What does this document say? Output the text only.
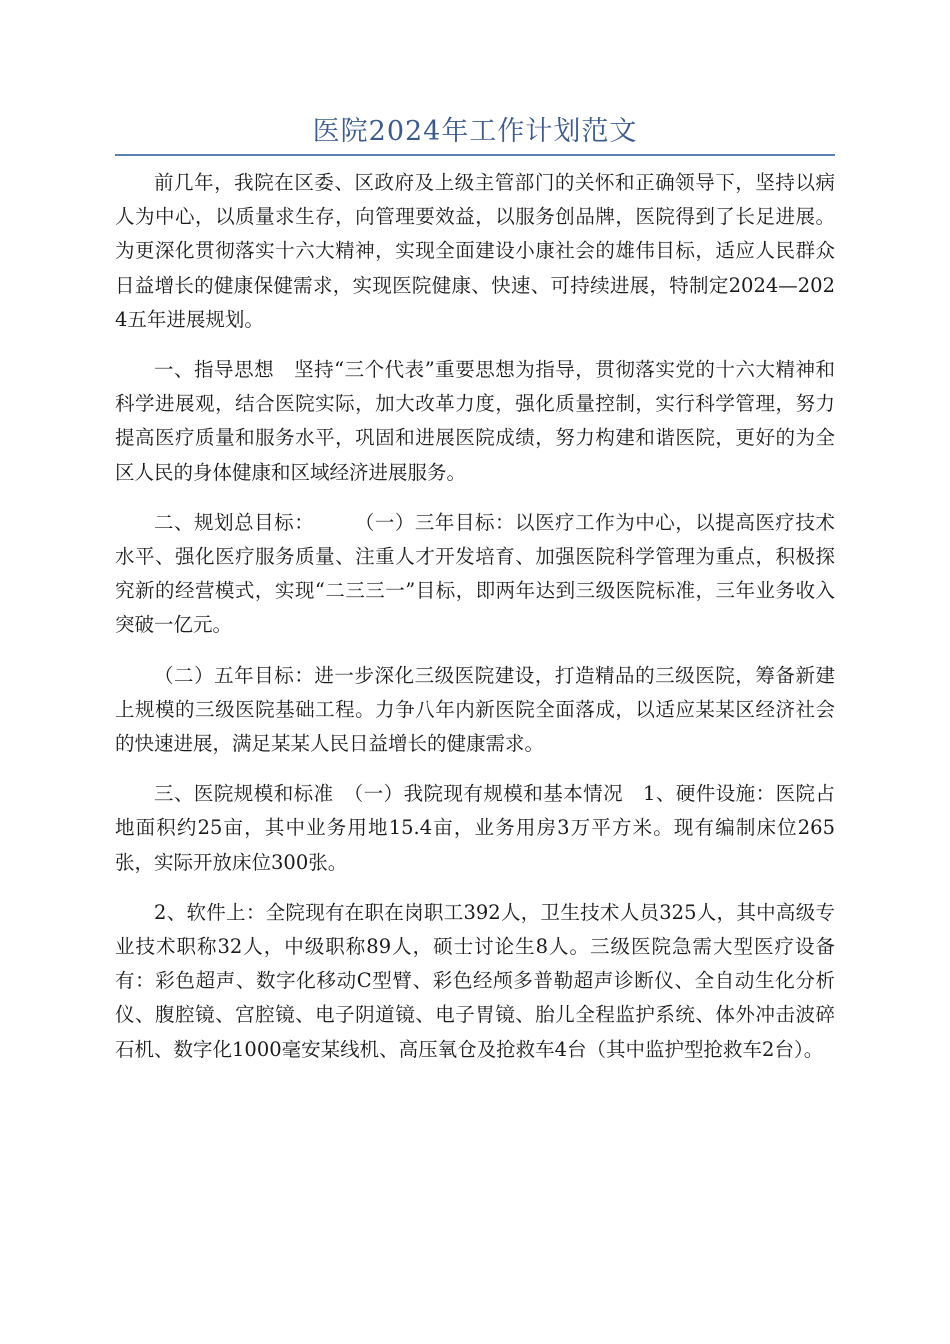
医院2024年工作计划范文

前几年，我院在区委、区政府及上级主管部门的关怀和正确领导下，坚持以病人为中心，以质量求生存，向管理要效益，以服务创品牌，医院得到了长足进展。为更深化贯彻落实十六大精神，实现全面建设小康社会的雄伟目标，适应人民群众日益增长的健康保健需求，实现医院健康、快速、可持续进展，特制定2024—2024五年进展规划。

一、指导思想　坚持“三个代表”重要思想为指导，贯彻落实党的十六大精神和科学进展观，结合医院实际，加大改革力度，强化质量控制，实行科学管理，努力提高医疗质量和服务水平，巩固和进展医院成绩，努力构建和谐医院，更好的为全区人民的身体健康和区域经济进展服务。

二、规划总目标：　　　（一）三年目标：以医疗工作为中心，以提高医疗技术水平、强化医疗服务质量、注重人才开发培育、加强医院科学管理为重点，积极探究新的经营模式，实现“二三三一”目标，即两年达到三级医院标准，三年业务收入突破一亿元。

（二）五年目标：进一步深化三级医院建设，打造精品的三级医院，筹备新建上规模的三级医院基础工程。力争八年内新医院全面落成，以适应某某区经济社会的快速进展，满足某某人民日益增长的健康需求。

三、医院规模和标准　（一）我院现有规模和基本情况　1、硬件设施：医院占地面积约25亩，其中业务用地15.4亩，业务用房3万平方米。现有编制床位265张，实际开放床位300张。

2、软件上：全院现有在职在岗职工392人，卫生技术人员325人，其中高级专业技术职称32人，中级职称89人，硕士讨论生8人。三级医院急需大型医疗设备有：彩色超声、数字化移动C型臂、彩色经颅多普勒超声诊断仪、全自动生化分析仪、腹腔镜、宫腔镜、电子阴道镜、电子胃镜、胎儿全程监护系统、体外冲击波碎石机、数字化1000毫安某线机、高压氧仓及抢救车4台（其中监护型抢救车2台）。
